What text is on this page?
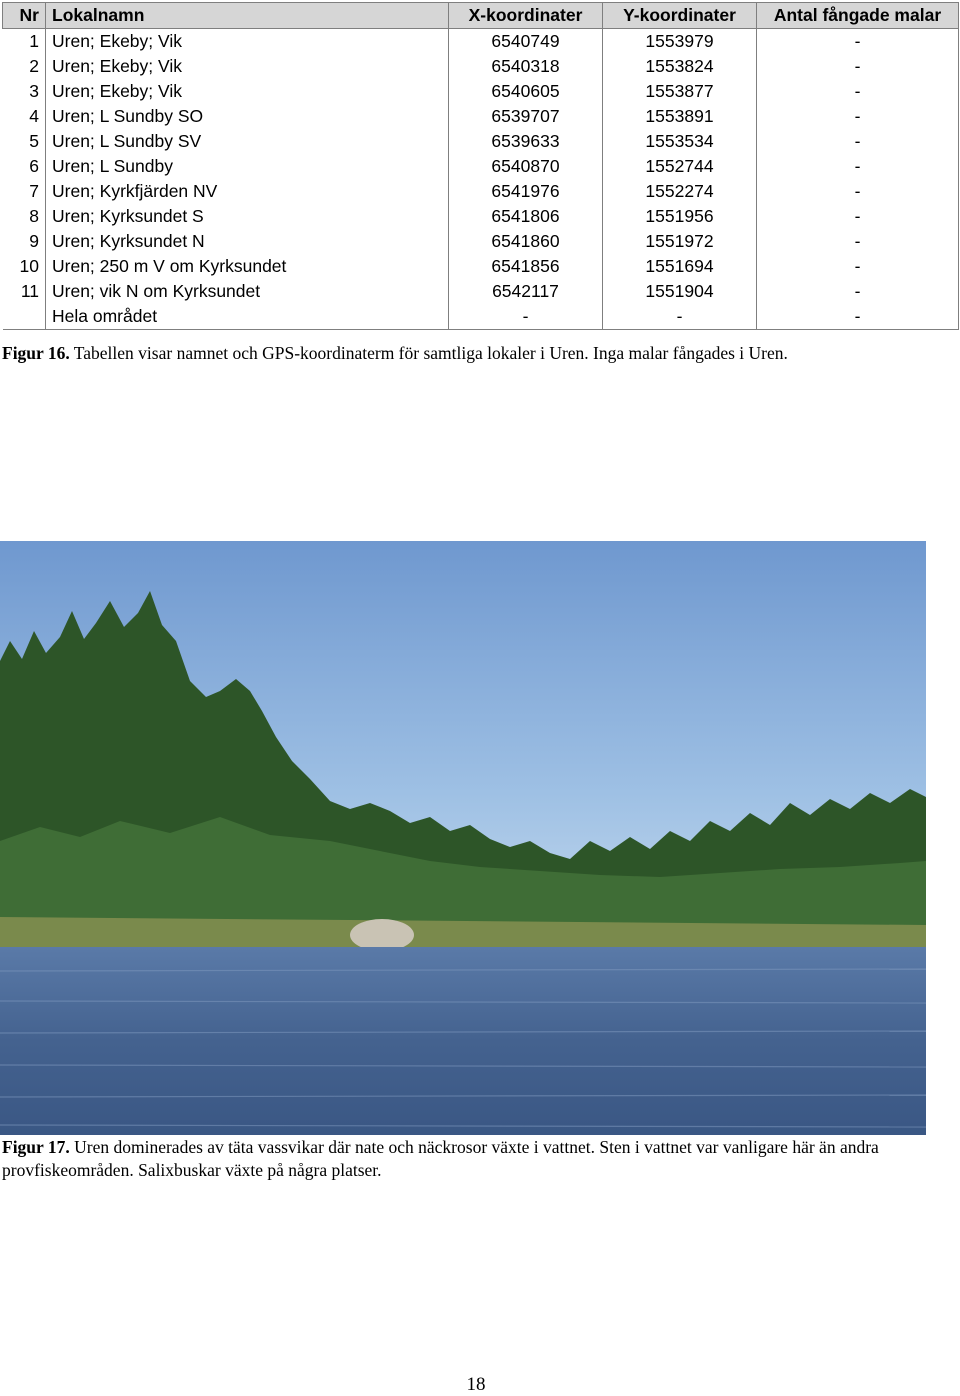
Nr	Lokalnamn	X-koordinater	Y-koordinater	Antal fångade malar
1	Uren; Ekeby; Vik	6540749	1553979	-
2	Uren; Ekeby; Vik	6540318	1553824	-
3	Uren; Ekeby; Vik	6540605	1553877	-
4	Uren; L Sundby SO	6539707	1553891	-
5	Uren; L Sundby SV	6539633	1553534	-
6	Uren; L Sundby	6540870	1552744	-
7	Uren; Kyrkfjärden NV	6541976	1552274	-
8	Uren; Kyrksundet S	6541806	1551956	-
9	Uren; Kyrksundet N	6541860	1551972	-
10	Uren; 250 m V om Kyrksundet	6541856	1551694	-
11	Uren; vik N om Kyrksundet	6542117	1551904	-
	Hela området	-	-	-
Figur 16. Tabellen visar namnet och GPS-koordinaterm för samtliga lokaler i Uren. Inga malar fångades i Uren.
Figur 17. Uren dominerades av täta vassvikar där nate och näckrosor växte i vattnet. Sten i vattnet var vanligare här än andra provfiskeområden. Salixbuskar växte på några platser.
18
